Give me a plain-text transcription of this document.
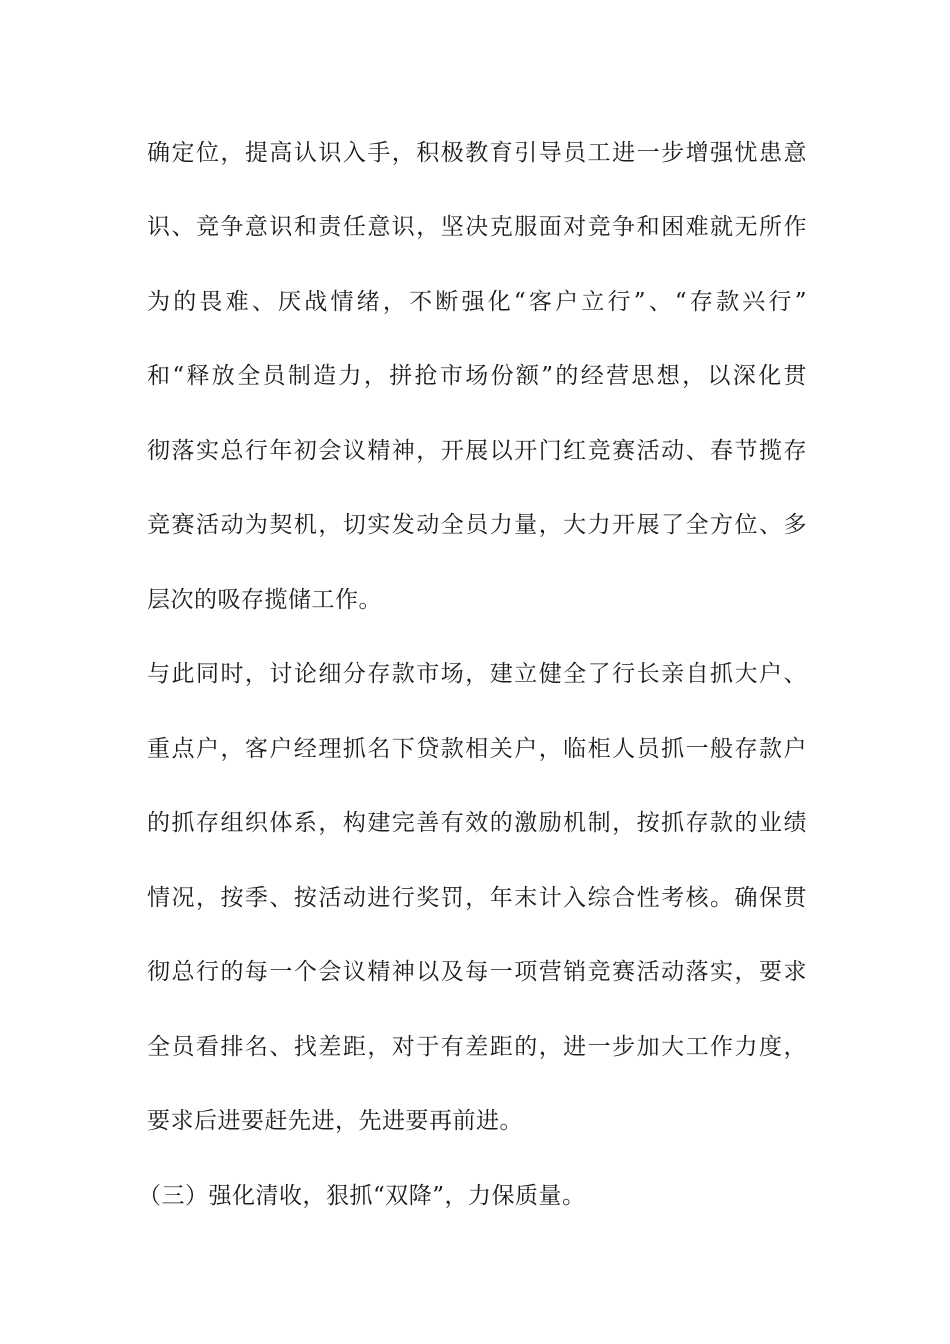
确定位，提高认识入手，积极教育引导员工进一步增强忧患意
识、竞争意识和责任意识，坚决克服面对竞争和困难就无所作
为的畏难、厌战情绪，不断强化“客户立行”、“存款兴行”
和“释放全员制造力，拼抢市场份额”的经营思想，以深化贯
彻落实总行年初会议精神，开展以开门红竞赛活动、春节揽存
竞赛活动为契机，切实发动全员力量，大力开展了全方位、多
层次的吸存揽储工作。
与此同时，讨论细分存款市场，建立健全了行长亲自抓大户、
重点户，客户经理抓名下贷款相关户，临柜人员抓一般存款户
的抓存组织体系，构建完善有效的激励机制，按抓存款的业绩
情况，按季、按活动进行奖罚，年末计入综合性考核。确保贯
彻总行的每一个会议精神以及每一项营销竞赛活动落实，要求
全员看排名、找差距，对于有差距的，进一步加大工作力度，
要求后进要赶先进，先进要再前进。
（三）强化清收，狠抓“双降”，力保质量。
